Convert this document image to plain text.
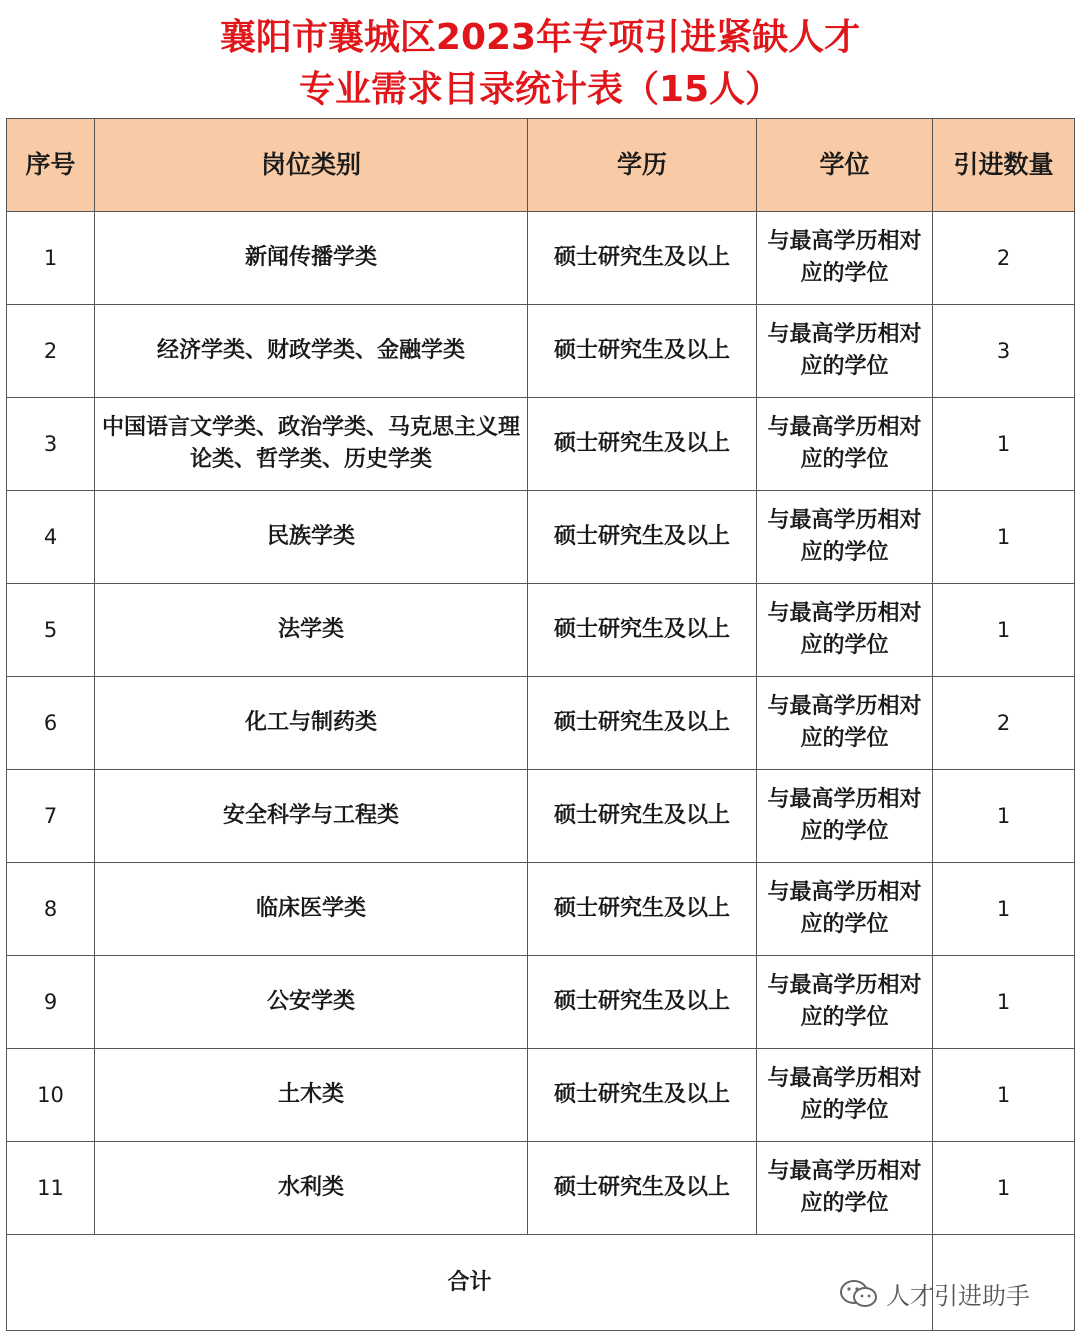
襄阳市襄城区2023年专项引进紧缺人才
专业需求目录统计表（15人）
序号	岗位类别	学历	学位	引进数量
1	新闻传播学类	硕士研究生及以上	与最高学历相对应的学位	2
2	经济学类、财政学类、金融学类	硕士研究生及以上	与最高学历相对应的学位	3
3	中国语言文学类、政治学类、马克思主义理论类、哲学类、历史学类	硕士研究生及以上	与最高学历相对应的学位	1
4	民族学类	硕士研究生及以上	与最高学历相对应的学位	1
5	法学类	硕士研究生及以上	与最高学历相对应的学位	1
6	化工与制药类	硕士研究生及以上	与最高学历相对应的学位	2
7	安全科学与工程类	硕士研究生及以上	与最高学历相对应的学位	1
8	临床医学类	硕士研究生及以上	与最高学历相对应的学位	1
9	公安学类	硕士研究生及以上	与最高学历相对应的学位	1
10	土木类	硕士研究生及以上	与最高学历相对应的学位	1
11	水利类	硕士研究生及以上	与最高学历相对应的学位	1
合计					人才引进助手
